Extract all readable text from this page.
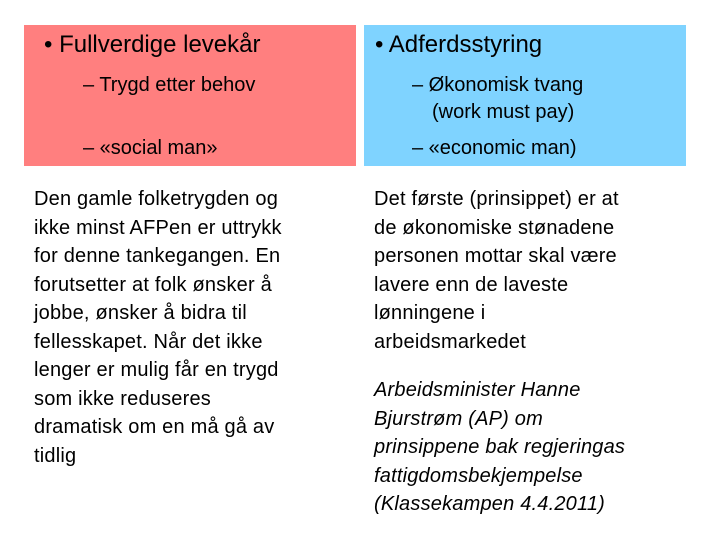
• Fullverdige levekår
– Trygd etter behov
– «social man»
• Adferdsstyring
– Økonomisk tvang
(work must pay)
– «economic man)

Den gamle folketrygden og
ikke minst AFPen er uttrykk
for denne tankegangen. En
forutsetter at folk ønsker å
jobbe, ønsker å bidra til
fellesskapet. Når det ikke
lenger er mulig får en trygd
som ikke reduseres
dramatisk om en må gå av
tidlig

Det første (prinsippet) er at
de økonomiske stønadene
personen mottar skal være
lavere enn de laveste
lønningene i
arbeidsmarkedet

Arbeidsminister Hanne
Bjurstrøm (AP) om
prinsippene bak regjeringas
fattigdomsbekjempelse
(Klassekampen 4.4.2011)
